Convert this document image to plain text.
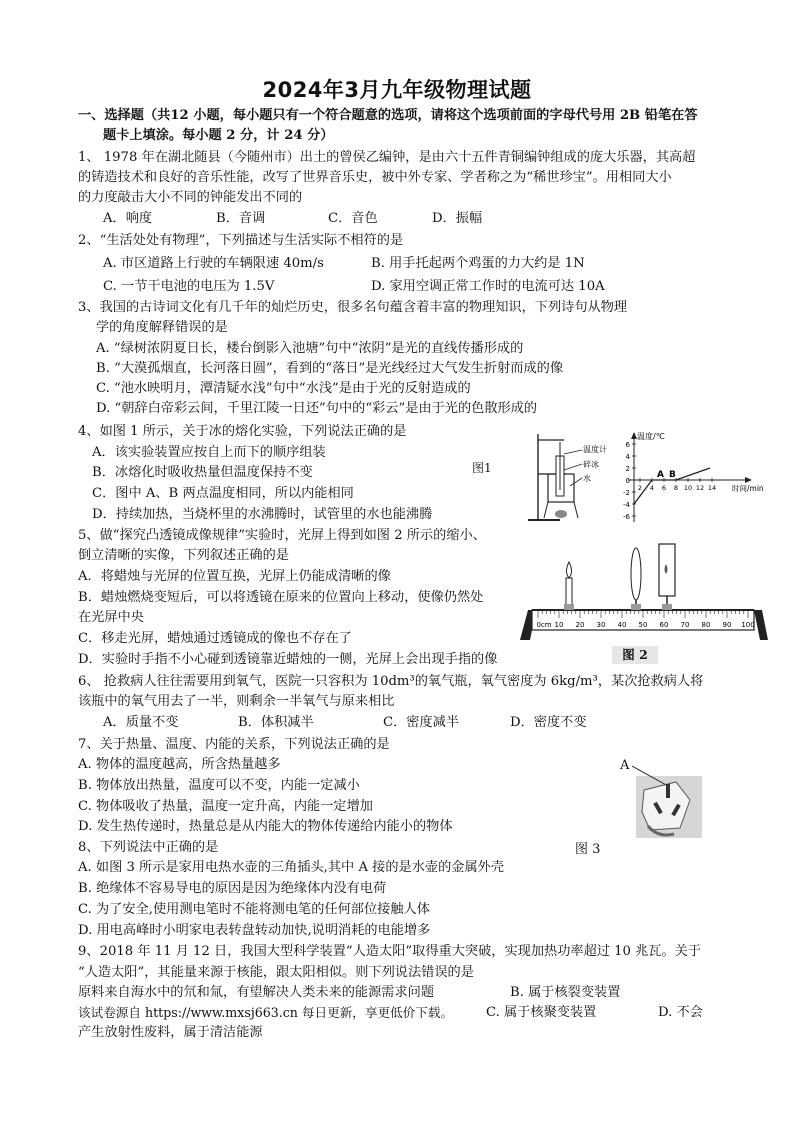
2024年3月九年级物理试题
一、选择题（共12 小题，每小题只有一个符合题意的选项，请将这个选项前面的字母代号用 2B 铅笔在答
题卡上填涂。每小题 2 分，计 24 分）
1、 1978 年在湖北随县（今随州市）出土的曾侯乙编钟，是由六十五件青铜编钟组成的庞大乐器，其高超
的铸造技术和良好的音乐性能，改写了世界音乐史，被中外专家、学者称之为“稀世珍宝”。用相同大小
的力度敲击大小不同的钟能发出不同的
A．响度	B．音调	C．音色	D．振幅
2、“生活处处有物理”，下列描述与生活实际不相符的是
A. 市区道路上行驶的车辆限速 40m/s	B. 用手托起两个鸡蛋的力大约是 1N
C. 一节干电池的电压为 1.5V	D. 家用空调正常工作时的电流可达 10A
3、我国的古诗词文化有几千年的灿烂历史，很多名句蕴含着丰富的物理知识，下列诗句从物理
学的角度解释错误的是
A. “绿树浓阴夏日长，楼台倒影入池塘”句中“浓阴”是光的直线传播形成的
B. “大漠孤烟直，长河落日圆”，看到的“落日”是光线经过大气发生折射而成的像
C. “池水映明月，潭清疑水浅”句中“水浅”是由于光的反射造成的
D. “朝辞白帝彩云间，千里江陵一日还”句中的“彩云”是由于光的色散形成的
4、如图 1 所示，关于冰的熔化实验，下列说法正确的是
A．该实验装置应按自上而下的顺序组装
B．冰熔化时吸收热量但温度保持不变
C．图中 A、B 两点温度相同，所以内能相同
D．持续加热，当烧杯里的水沸腾时，试管里的水也能沸腾
图1
温度计
碎冰
水
温度/℃
时间/min
6
4
2
0
-2
-4
-6
2 4 6 8 10 12 14
A B
5、做“探究凸透镜成像规律”实验时，光屏上得到如图 2 所示的缩小、
倒立清晰的实像，下列叙述正确的是
A．将蜡烛与光屏的位置互换，光屏上仍能成清晰的像
B．蜡烛燃烧变短后，可以将透镜在原来的位置向上移动，使像仍然处
在光屏中央
C．移走光屏，蜡烛通过透镜成的像也不存在了
D．实验时手指不小心碰到透镜靠近蜡烛的一侧，光屏上会出现手指的像
0cm 10 20 30 40 50 60 70 80 90 100
图 2
6、 抢救病人往往需要用到氧气，医院一只容积为 10dm³的氧气瓶，氧气密度为 6kg/m³，某次抢救病人将
该瓶中的氧气用去了一半，则剩余一半氧气与原来相比
A．质量不变	B．体积减半	C．密度减半	D．密度不变
7、关于热量、温度、内能的关系，下列说法正确的是
A. 物体的温度越高，所含热量越多
B. 物体放出热量，温度可以不变，内能一定减小
C. 物体吸收了热量，温度一定升高，内能一定增加
D. 发生热传递时，热量总是从内能大的物体传递给内能小的物体
A
图 3
8、下列说法中正确的是
A. 如图 3 所示是家用电热水壶的三角插头,其中 A 接的是水壶的金属外壳
B. 绝缘体不容易导电的原因是因为绝缘体内没有电荷
C. 为了安全,使用测电笔时不能将测电笔的任何部位接触人体
D. 用电高峰时小明家电表转盘转动加快,说明消耗的电能增多
9、2018 年 11 月 12 日，我国大型科学装置“人造太阳”取得重大突破，实现加热功率超过 10 兆瓦。关于
“人造太阳”，其能量来源于核能，跟太阳相似。则下列说法错误的是
原料来自海水中的氘和氚，有望解决人类未来的能源需求问题	B. 属于核裂变装置
该试卷源自 https://www.mxsj663.cn 每日更新，享更低价下载。 C. 属于核聚变装置	D. 不会
产生放射性废料，属于清洁能源
